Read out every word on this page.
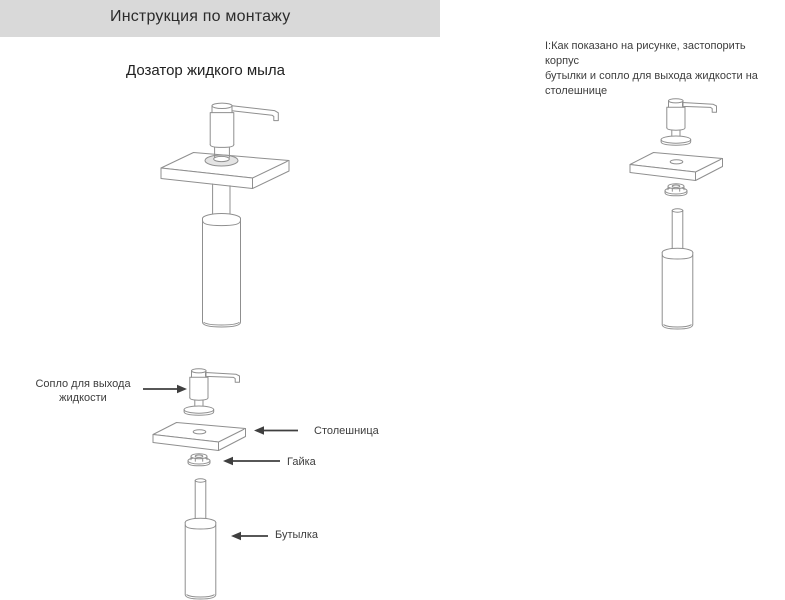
Инструкция по монтажу
Дозатор жидкого мыла
I:Как показано на рисунке, застопорить корпус
бутылки и сопло для выхода жидкости на
столешнице
Сопло для выхода жидкости
Столешница
Гайка
Бутылка
